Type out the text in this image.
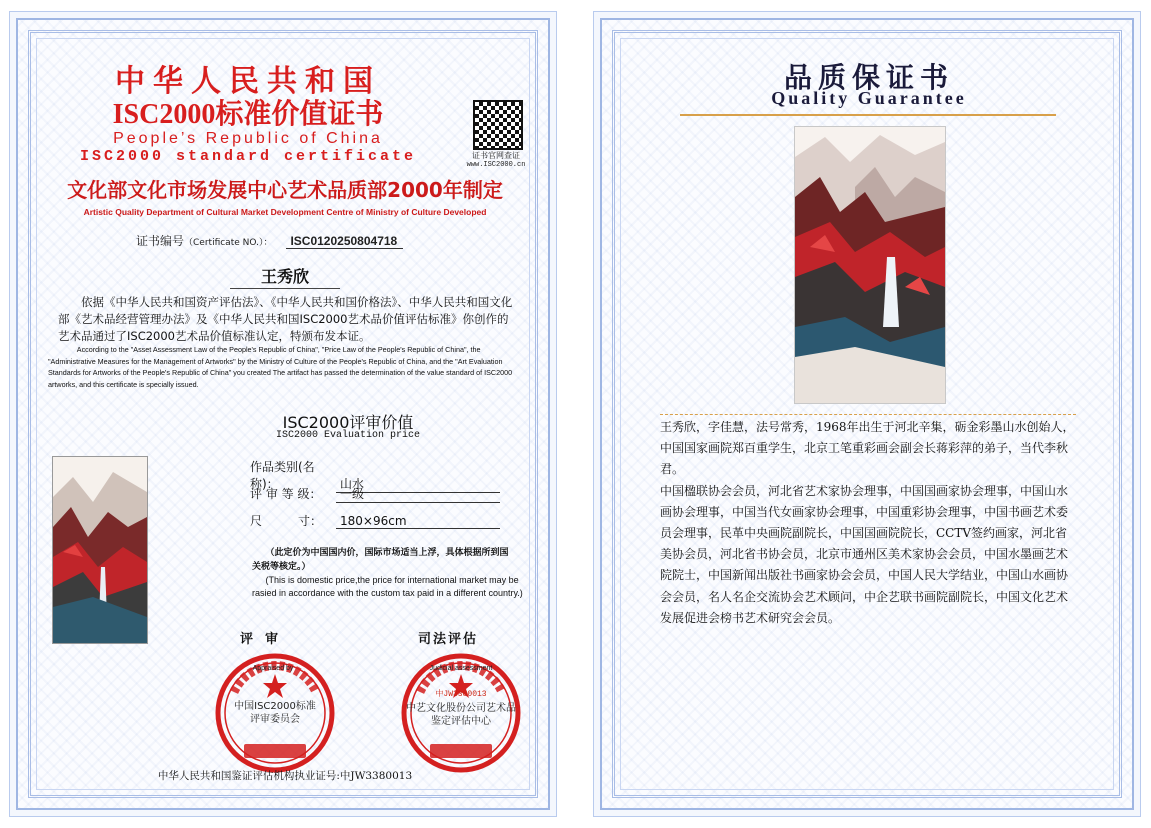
中华人民共和国
ISC2000标准价值证书
People’s Republic of China
ISC2000 standard certificate	证书官网查证
www.ISC2000.cn
文化部文化市场发展中心艺术品质部2000年制定
Artistic Quality Department of Cultural Market Development Centre of Ministry of Culture Developed
证书编号（Certificate NO.）： ISC0120250804718
王秀欣
依据《中华人民共和国资产评估法》、《中华人民共和国价格法》、中华人民共和国文化部《艺术品经营管理办法》及《中华人民共和国ISC2000艺术品价值评估标准》你创作的艺术品通过了ISC2000艺术品价值标准认定，特颁布发本证。
According to the "Asset Assessment Law of the People's Republic of China", "Price Law of the People's Republic of China", the "Administrative Measures for the Management of Artworks" by the Ministry of Culture of the People's Republic of China, and the "Art Evaluation Standards for Artworks of the People's Republic of China" you created The artifact has passed the determination of the value standard of ISC2000 artworks, and this certificate is specially issued.
ISC2000评审价值
ISC2000 Evaluation price
作品类别(名称)：	山水
评 审 等 级： 一级
尺　　　寸： 180×96cm
（此定价为中国国内价，国际市场适当上浮，具体根据所到国关税等核定。）
(This is domestic price,the price for international market may be rasied in accordance with the custom tax paid in a different country.)
评审	司法评估
Appraised by
中国ISC2000标准
评审委员会
Judicial assessment
中JW3380013
中艺文化股份公司艺术品
鉴定评估中心
中华人民共和国鉴证评估机构执业证号:中JW3380013
品质保证书
Quality Guarantee

王秀欣，字佳慧，法号常秀，1968年出生于河北辛集，砺金彩墨山水创始人， 中国国家画院郑百重学生，北京工笔重彩画会副会长蒋彩萍的弟子，当代李秋君。

中国楹联协会会员，河北省艺术家协会理事，中国国画家协会理事，中国山水画协会理事，中国当代女画家协会理事，中国重彩协会理事，中国书画艺术委员会理事，民革中央画院副院长，中国国画院院长，CCTV签约画家，河北省美协会员，河北省书协会员，北京市通州区美术家协会会员，中国水墨画艺术院院士，中国新闻出版社书画家协会会员，中国人民大学结业，中国山水画协会会员，名人名企交流协会艺术顾问，中企艺联书画院副院长，中国文化艺术发展促进会榜书艺术研究会会员。
